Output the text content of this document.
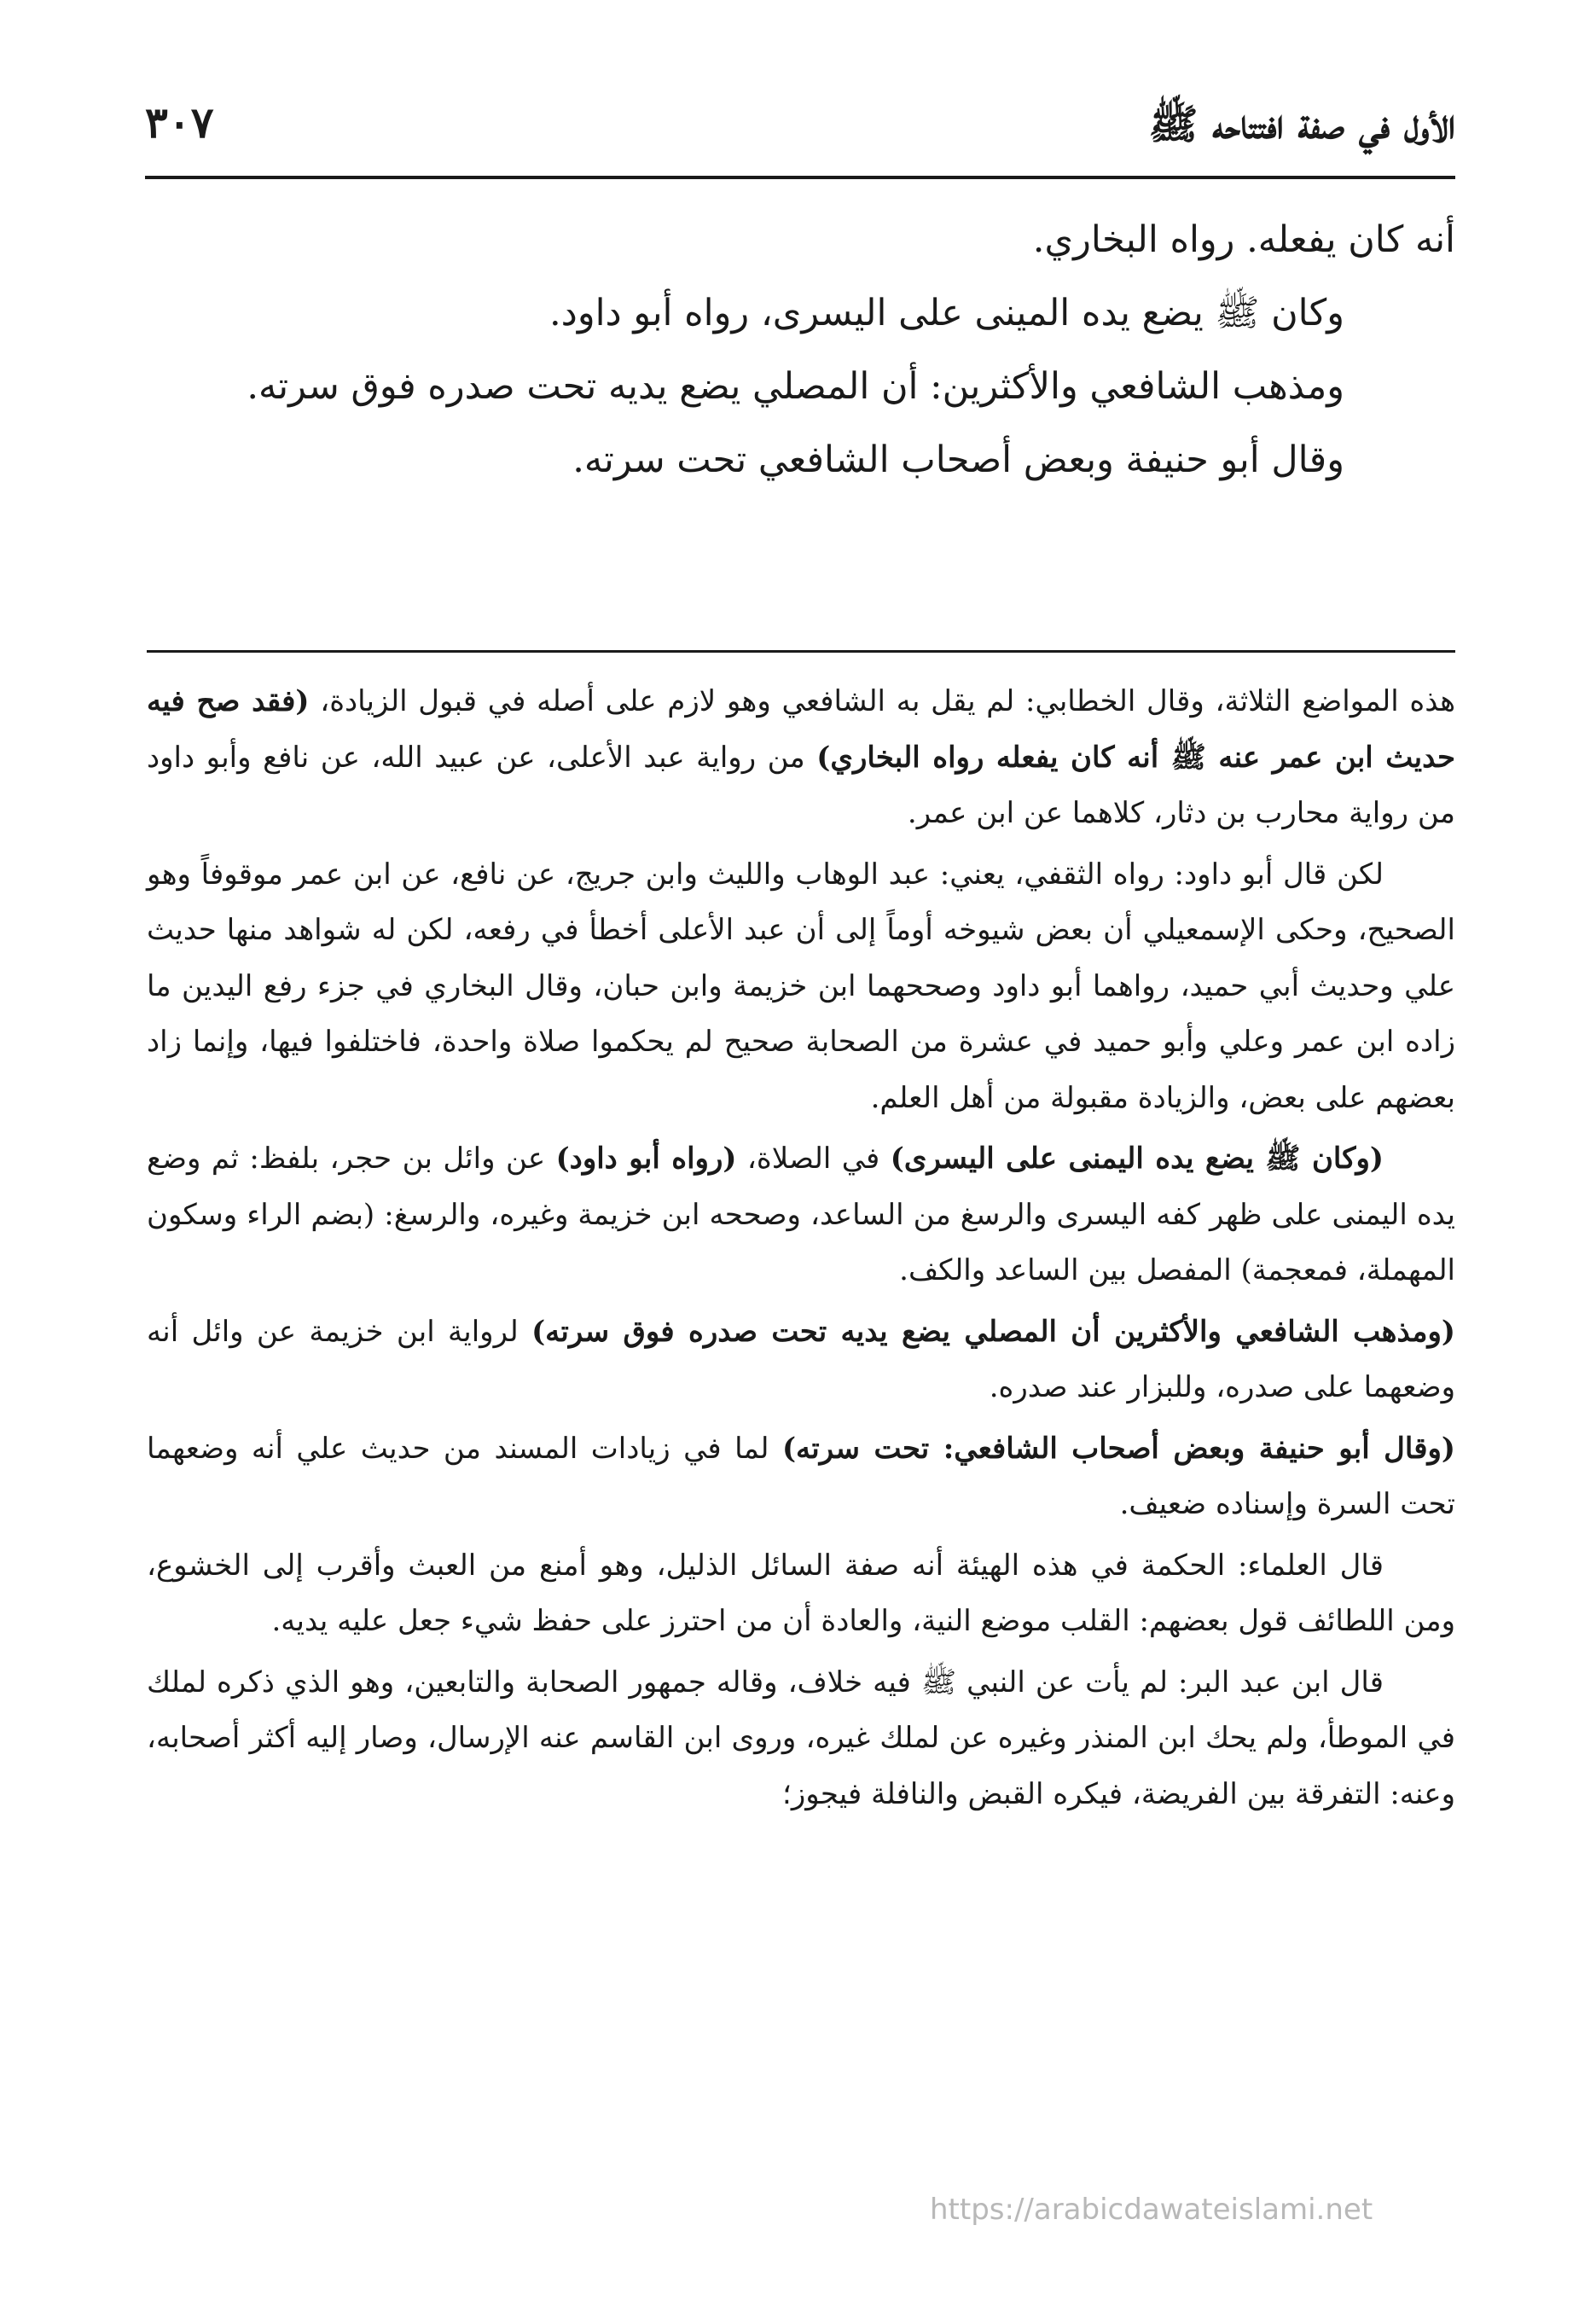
الأول في صفة افتتاحه ﷺ
٣٠٧

أنه كان يفعله. رواه البخاري.

وكان ﷺ يضع يده المينى على اليسرى، رواه أبو داود.

ومذهب الشافعي والأكثرين: أن المصلي يضع يديه تحت صدره فوق سرته.

وقال أبو حنيفة وبعض أصحاب الشافعي تحت سرته.

هذه المواضع الثلاثة، وقال الخطابي: لم يقل به الشافعي وهو لازم على أصله في قبول الزيادة، (فقد صح فيه حديث ابن عمر عنه ﷺ أنه كان يفعله رواه البخاري) من رواية عبد الأعلى، عن عبيد الله، عن نافع وأبو داود من رواية محارب بن دثار، كلاهما عن ابن عمر.

لكن قال أبو داود: رواه الثقفي، يعني: عبد الوهاب والليث وابن جريج، عن نافع، عن ابن عمر موقوفاً وهو الصحيح، وحكى الإسمعيلي أن بعض شيوخه أوماً إلى أن عبد الأعلى أخطأ في رفعه، لكن له شواهد منها حديث علي وحديث أبي حميد، رواهما أبو داود وصححهما ابن خزيمة وابن حبان، وقال البخاري في جزء رفع اليدين ما زاده ابن عمر وعلي وأبو حميد في عشرة من الصحابة صحيح لم يحكموا صلاة واحدة، فاختلفوا فيها، وإنما زاد بعضهم على بعض، والزيادة مقبولة من أهل العلم.

(وكان ﷺ يضع يده اليمنى على اليسرى) في الصلاة، (رواه أبو داود) عن وائل بن حجر، بلفظ: ثم وضع يده اليمنى على ظهر كفه اليسرى والرسغ من الساعد، وصححه ابن خزيمة وغيره، والرسغ: (بضم الراء وسكون المهملة، فمعجمة) المفصل بين الساعد والكف.

(ومذهب الشافعي والأكثرين أن المصلي يضع يديه تحت صدره فوق سرته) لرواية ابن خزيمة عن وائل أنه وضعهما على صدره، وللبزار عند صدره.

(وقال أبو حنيفة وبعض أصحاب الشافعي: تحت سرته) لما في زيادات المسند من حديث علي أنه وضعهما تحت السرة وإسناده ضعيف.

قال العلماء: الحكمة في هذه الهيئة أنه صفة السائل الذليل، وهو أمنع من العبث وأقرب إلى الخشوع، ومن اللطائف قول بعضهم: القلب موضع النية، والعادة أن من احترز على حفظ شيء جعل عليه يديه.

قال ابن عبد البر: لم يأت عن النبي ﷺ فيه خلاف، وقاله جمهور الصحابة والتابعين، وهو الذي ذكره لملك في الموطأ، ولم يحك ابن المنذر وغيره عن لملك غيره، وروى ابن القاسم عنه الإرسال، وصار إليه أكثر أصحابه، وعنه: التفرقة بين الفريضة، فيكره القبض والنافلة فيجوز؛

https://arabicdawateislami.net
